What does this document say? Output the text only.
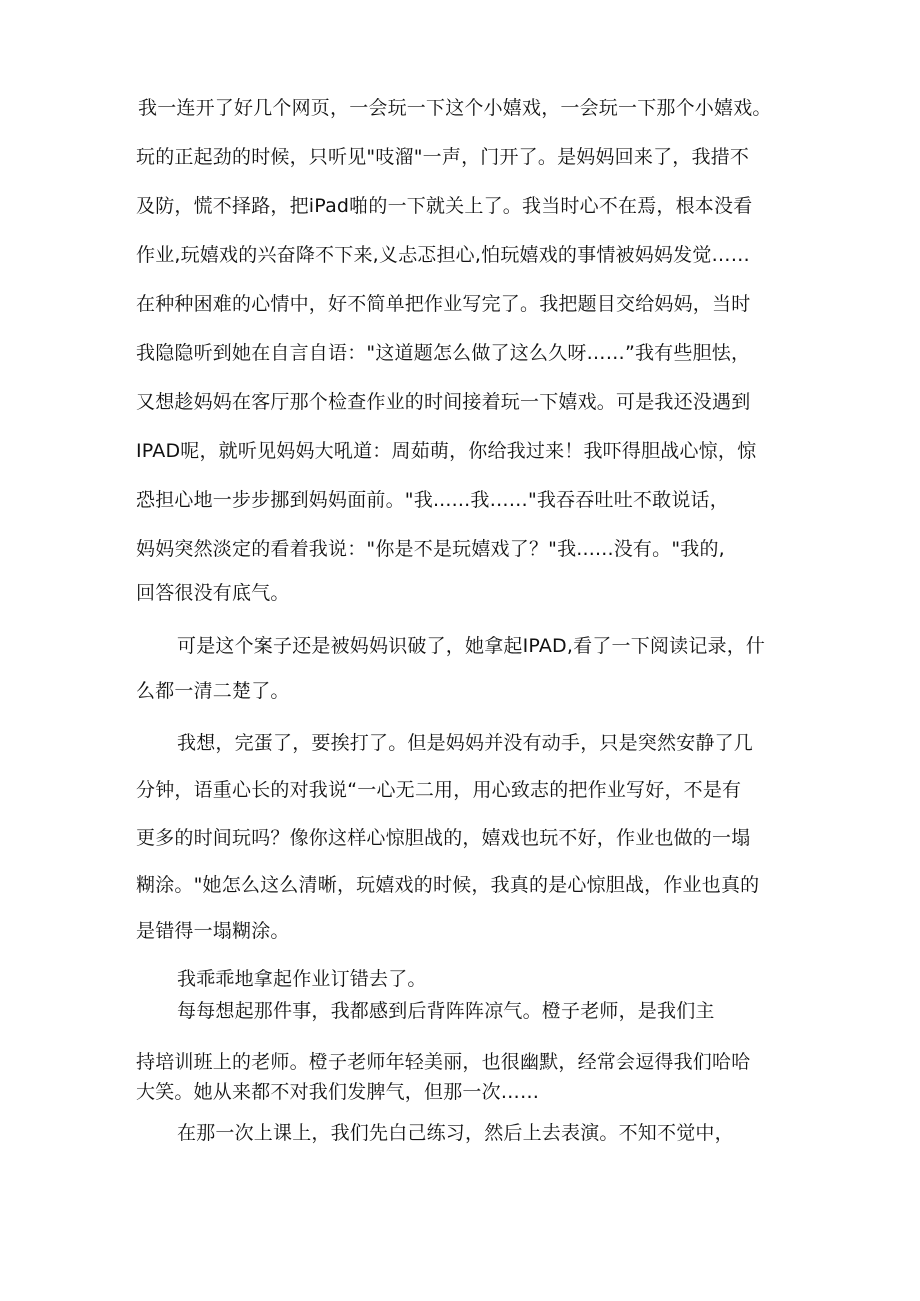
我一连开了好几个网页，一会玩一下这个小嬉戏，一会玩一下那个小嬉戏。
玩的正起劲的时候，只听见"吱溜"一声，门开了。是妈妈回来了，我措不
及防，慌不择路，把iPad啪的一下就关上了。我当时心不在焉，根本没看
作业,玩嬉戏的兴奋降不下来,义忐忑担心,怕玩嬉戏的事情被妈妈发觉……
在种种困难的心情中，好不简单把作业写完了。我把题目交给妈妈，当时
我隐隐听到她在自言自语："这道题怎么做了这么久呀……”我有些胆怯，
又想趁妈妈在客厅那个检查作业的时间接着玩一下嬉戏。可是我还没遇到
IPAD呢，就听见妈妈大吼道：周茹萌，你给我过来！我吓得胆战心惊，惊
恐担心地一步步挪到妈妈面前。"我......我……"我吞吞吐吐不敢说话，
妈妈突然淡定的看着我说："你是不是玩嬉戏了？"我......没有。"我的,
回答很没有底气。
可是这个案子还是被妈妈识破了，她拿起IPAD,看了一下阅读记录，什
么都一清二楚了。
我想，完蛋了，要挨打了。但是妈妈并没有动手，只是突然安静了几
分钟，语重心长的对我说“一心无二用，用心致志的把作业写好，不是有
更多的时间玩吗？像你这样心惊胆战的，嬉戏也玩不好，作业也做的一塌
糊涂。"她怎么这么清晰，玩嬉戏的时候，我真的是心惊胆战，作业也真的
是错得一塌糊涂。
我乖乖地拿起作业订错去了。
每每想起那件事，我都感到后背阵阵凉气。橙子老师，是我们主
持培训班上的老师。橙子老师年轻美丽，也很幽默，经常会逗得我们哈哈
大笑。她从来都不对我们发脾气，但那一次……
在那一次上课上，我们先白己练习，然后上去表演。不知不觉中，
